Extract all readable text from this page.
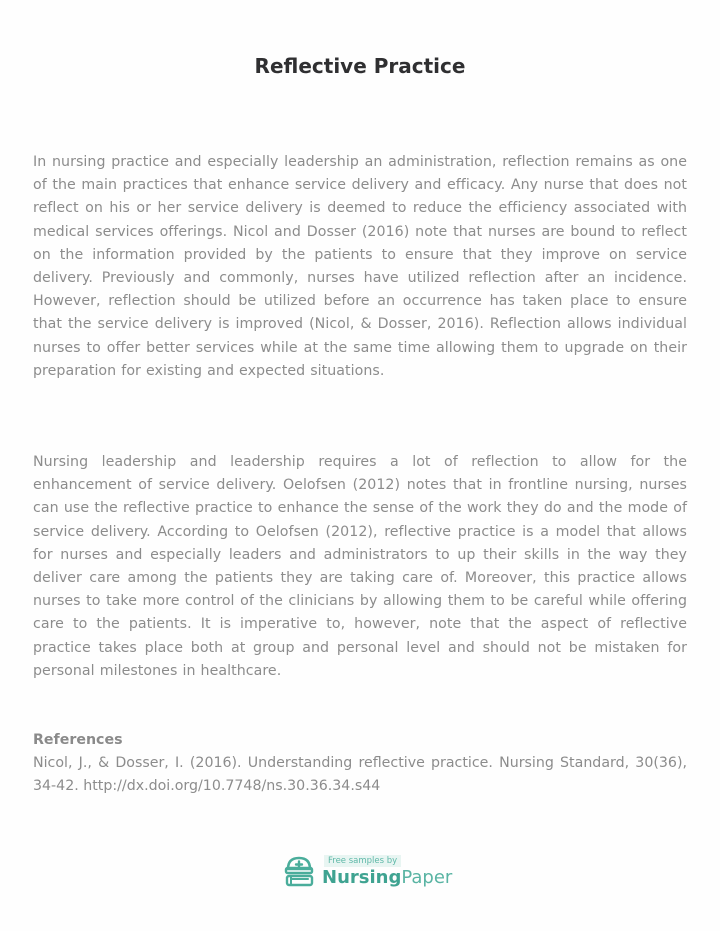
Reflective Practice

In nursing practice and especially leadership an administration, reflection remains as one of the main practices that enhance service delivery and efficacy. Any nurse that does not reflect on his or her service delivery is deemed to reduce the efficiency associated with medical services offerings. Nicol and Dosser (2016) note that nurses are bound to reflect on the information provided by the patients to ensure that they improve on service delivery. Previously and commonly, nurses have utilized reflection after an incidence. However, reflection should be utilized before an occurrence has taken place to ensure that the service delivery is improved (Nicol, & Dosser, 2016). Reflection allows individual nurses to offer better services while at the same time allowing them to upgrade on their preparation for existing and expected situations.

Nursing leadership and leadership requires a lot of reflection to allow for the enhancement of service delivery. Oelofsen (2012) notes that in frontline nursing, nurses can use the reflective practice to enhance the sense of the work they do and the mode of service delivery. According to Oelofsen (2012), reflective practice is a model that allows for nurses and especially leaders and administrators to up their skills in the way they deliver care among the patients they are taking care of. Moreover, this practice allows nurses to take more control of the clinicians by allowing them to be careful while offering care to the patients. It is imperative to, however, note that the aspect of reflective practice takes place both at group and personal level and should not be mistaken for personal milestones in healthcare.

References

Nicol, J., & Dosser, I. (2016). Understanding reflective practice. Nursing Standard, 30(36), 34-42. http://dx.doi.org/10.7748/ns.30.36.34.s44

Free samples by
NursingPaper
